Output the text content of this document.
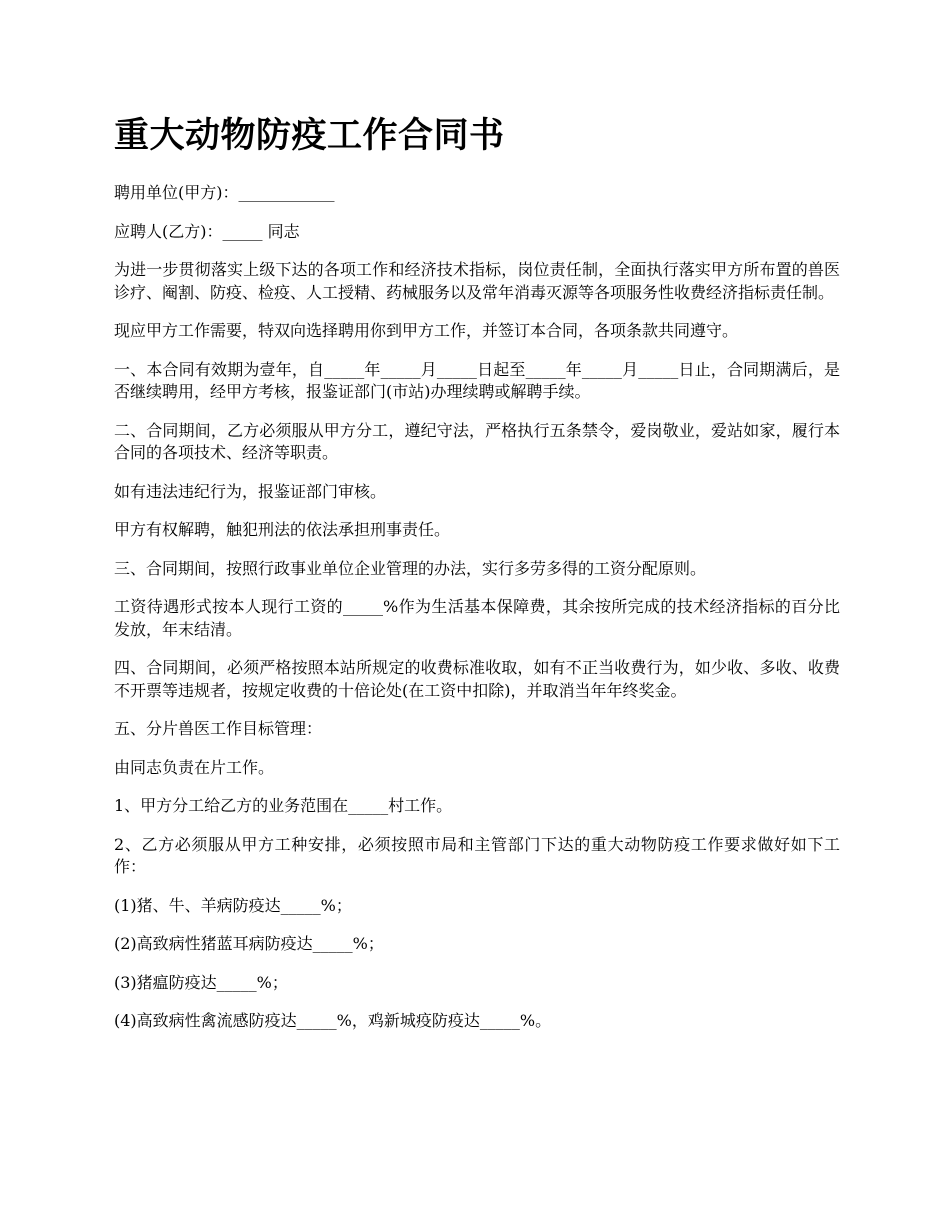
重大动物防疫工作合同书

聘用单位(甲方)：____________

应聘人(乙方)：_____ 同志

为进一步贯彻落实上级下达的各项工作和经济技术指标，岗位责任制，全面执行落实甲方所布置的兽医诊疗、阉割、防疫、检疫、人工授精、药械服务以及常年消毒灭源等各项服务性收费经济指标责任制。

现应甲方工作需要，特双向选择聘用你到甲方工作，并签订本合同，各项条款共同遵守。

一、本合同有效期为壹年，自_____年_____月_____日起至_____年_____月_____日止，合同期满后，是否继续聘用，经甲方考核，报鉴证部门(市站)办理续聘或解聘手续。

二、合同期间，乙方必须服从甲方分工，遵纪守法，严格执行五条禁令，爱岗敬业，爱站如家，履行本合同的各项技术、经济等职责。

如有违法违纪行为，报鉴证部门审核。

甲方有权解聘，触犯刑法的依法承担刑事责任。

三、合同期间，按照行政事业单位企业管理的办法，实行多劳多得的工资分配原则。

工资待遇形式按本人现行工资的_____%作为生活基本保障费，其余按所完成的技术经济指标的百分比发放，年末结清。

四、合同期间，必须严格按照本站所规定的收费标准收取，如有不正当收费行为，如少收、多收、收费不开票等违规者，按规定收费的十倍论处(在工资中扣除)，并取消当年年终奖金。

五、分片兽医工作目标管理：

由同志负责在片工作。

1、甲方分工给乙方的业务范围在_____村工作。

2、乙方必须服从甲方工种安排，必须按照市局和主管部门下达的重大动物防疫工作要求做好如下工作：

(1)猪、牛、羊病防疫达_____%；

(2)高致病性猪蓝耳病防疫达_____%；

(3)猪瘟防疫达_____%；

(4)高致病性禽流感防疫达_____%，鸡新城疫防疫达_____%。
